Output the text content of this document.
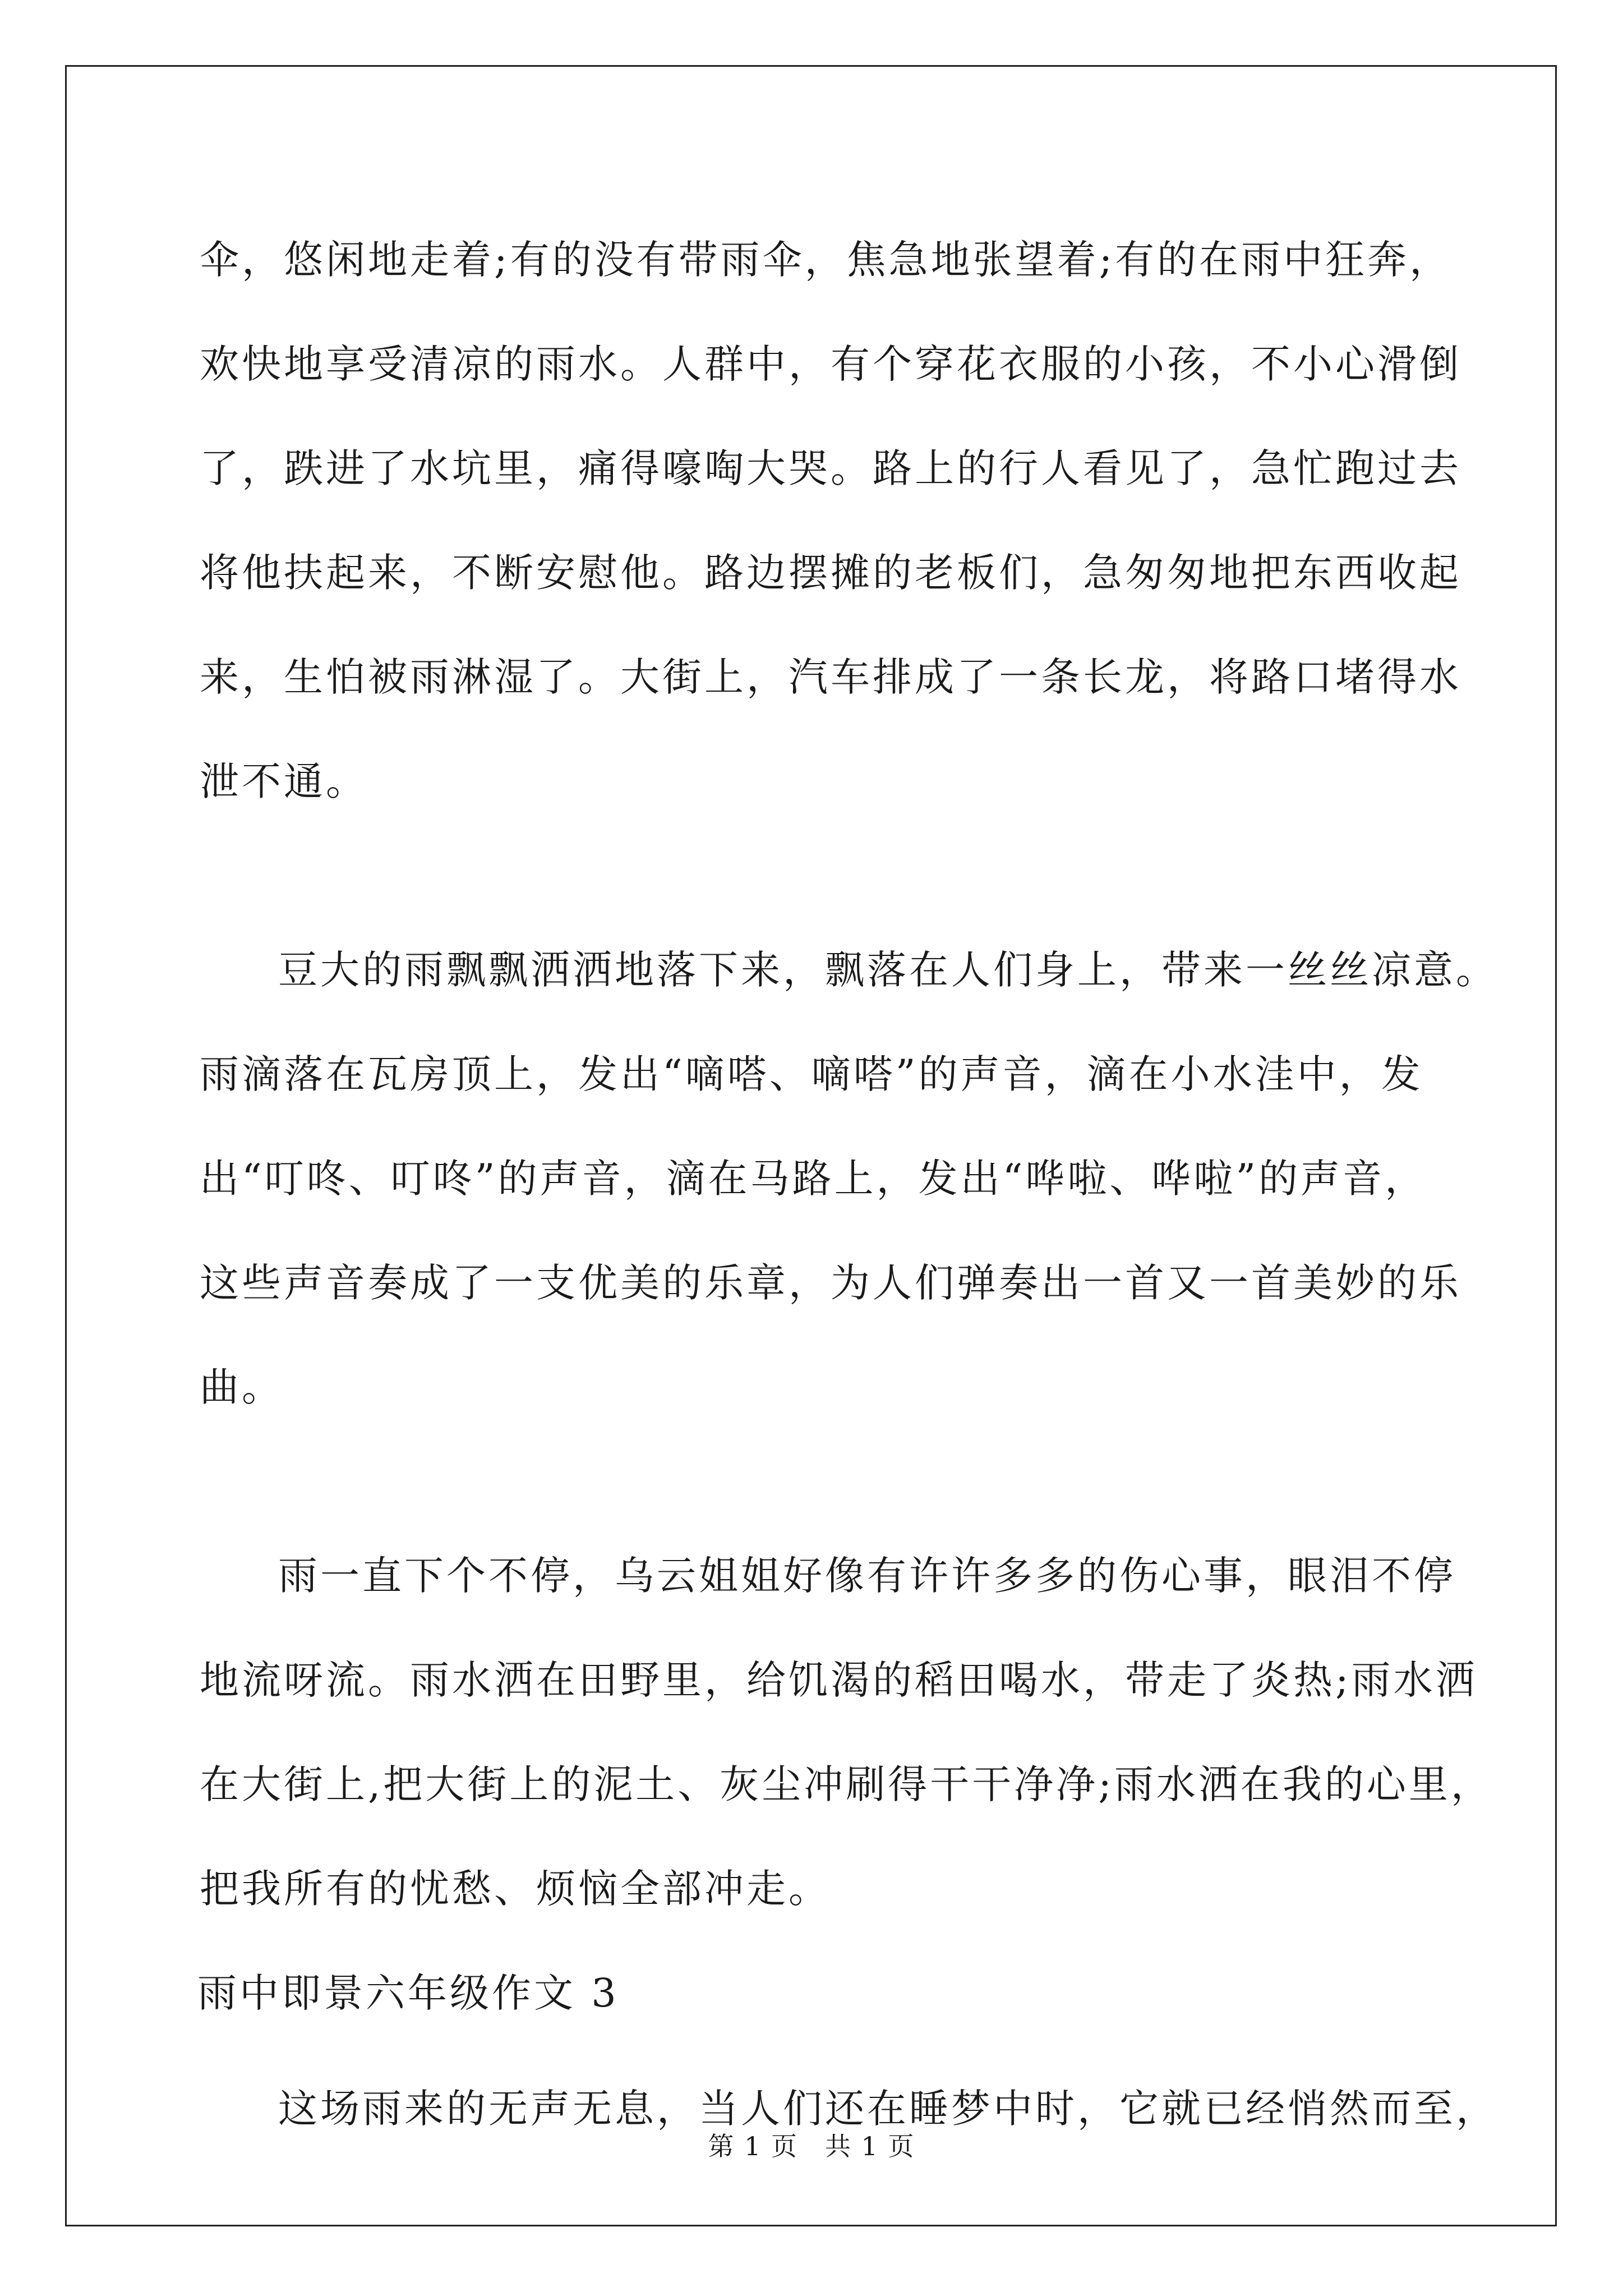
伞，悠闲地走着;有的没有带雨伞，焦急地张望着;有的在雨中狂奔，
欢快地享受清凉的雨水。人群中，有个穿花衣服的小孩，不小心滑倒
了，跌进了水坑里，痛得嚎啕大哭。路上的行人看见了，急忙跑过去
将他扶起来，不断安慰他。路边摆摊的老板们，急匆匆地把东西收起
来，生怕被雨淋湿了。大街上，汽车排成了一条长龙，将路口堵得水
泄不通。
豆大的雨飘飘洒洒地落下来，飘落在人们身上，带来一丝丝凉意。
雨滴落在瓦房顶上，发出“嘀嗒、嘀嗒”的声音，滴在小水洼中，发
出“叮咚、叮咚”的声音，滴在马路上，发出“哗啦、哗啦”的声音，
这些声音奏成了一支优美的乐章，为人们弹奏出一首又一首美妙的乐
曲。
雨一直下个不停，乌云姐姐好像有许许多多的伤心事，眼泪不停
地流呀流。雨水洒在田野里，给饥渴的稻田喝水，带走了炎热;雨水洒
在大街上,把大街上的泥土、灰尘冲刷得干干净净;雨水洒在我的心里，
把我所有的忧愁、烦恼全部冲走。
雨中即景六年级作文 3
这场雨来的无声无息，当人们还在睡梦中时，它就已经悄然而至，
第 1 页　共 1 页
